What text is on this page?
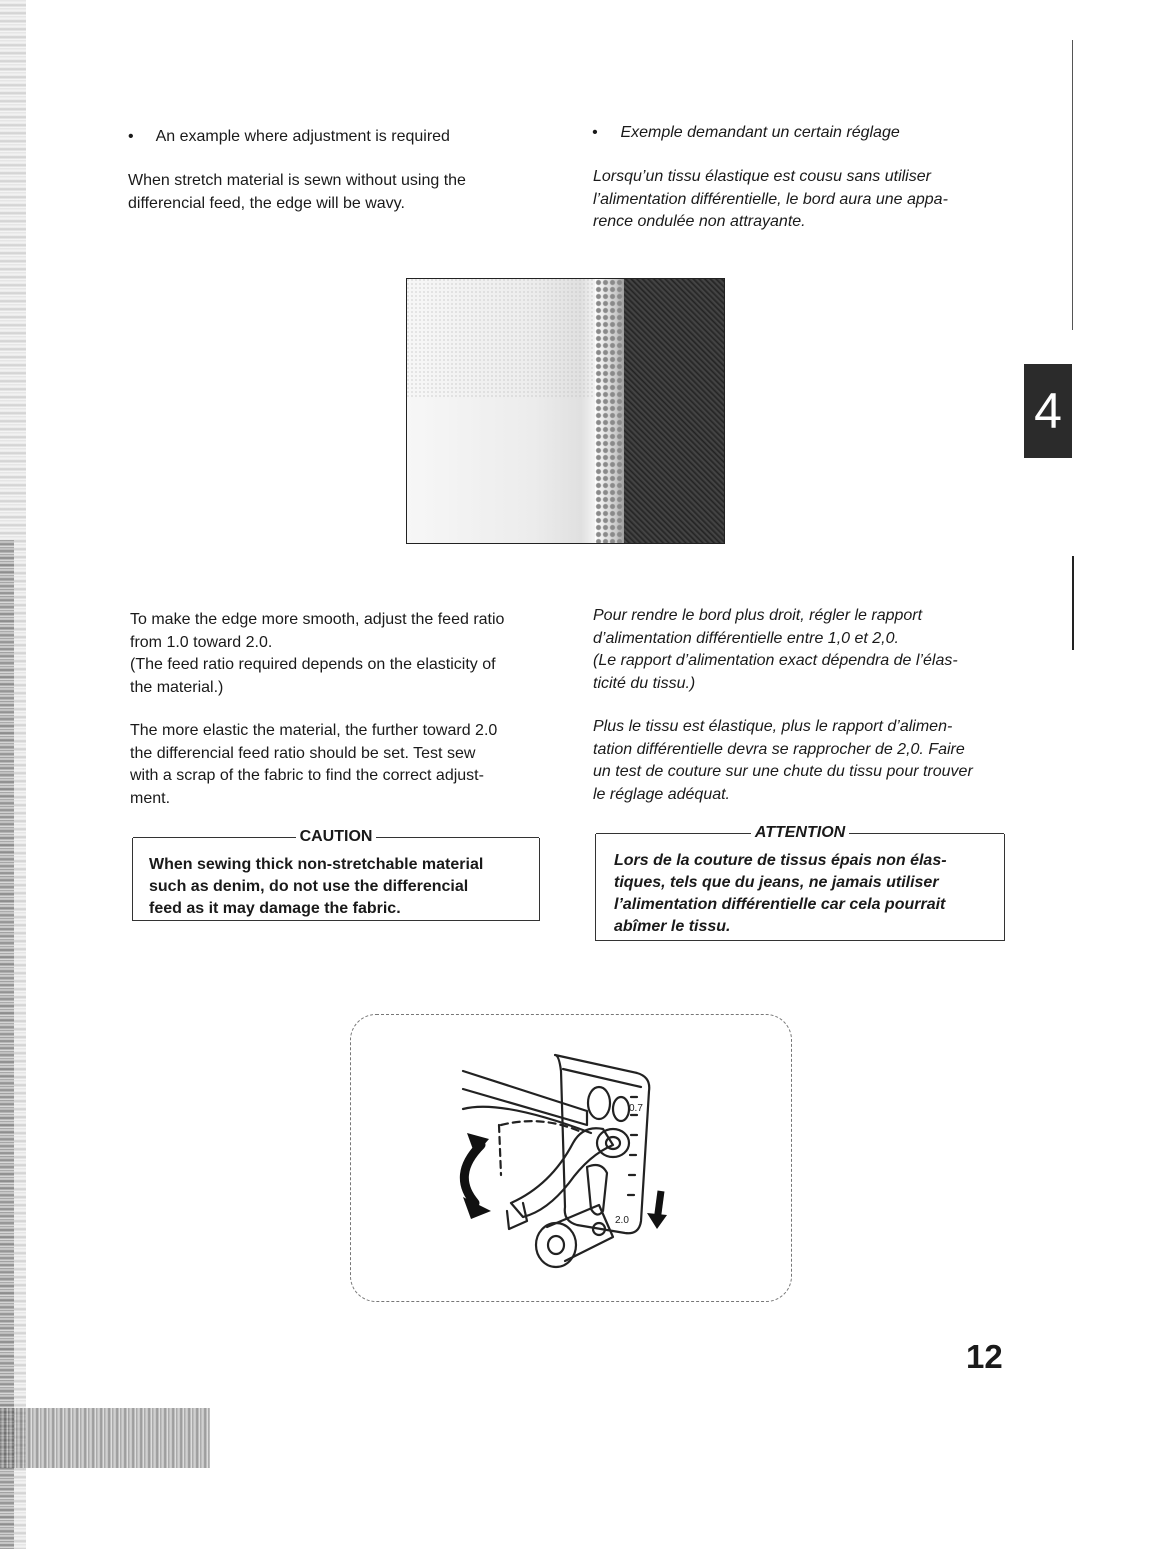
4
• An example where adjustment is required
When stretch material is sewn without using the
differencial feed, the edge will be wavy.
• Exemple demandant un certain réglage
Lorsqu’un tissu élastique est cousu sans utiliser
l’alimentation différentielle, le bord aura une appa-
rence ondulée non attrayante.
To make the edge more smooth, adjust the feed ratio
from 1.0 toward 2.0.
(The feed ratio required depends on the elasticity of
the material.)
The more elastic the material, the further toward 2.0
the differencial feed ratio should be set. Test sew
with a scrap of the fabric to find the correct adjust-
ment.
Pour rendre le bord plus droit, régler le rapport
d’alimentation différentielle entre 1,0 et 2,0.
(Le rapport d’alimentation exact dépendra de l’élas-
ticité du tissu.)
Plus le tissu est élastique, plus le rapport d’alimen-
tation différentielle devra se rapprocher de 2,0. Faire
un test de couture sur une chute du tissu pour trouver
le réglage adéquat.
CAUTION
When sewing thick non-stretchable material
such as denim, do not use the differencial
feed as it may damage the fabric.
ATTENTION
Lors de la couture de tissus épais non élas-
tiques, tels que du jeans, ne jamais utiliser
l’alimentation différentielle car cela pourrait
abîmer le tissu.
0.7
2.0
12
